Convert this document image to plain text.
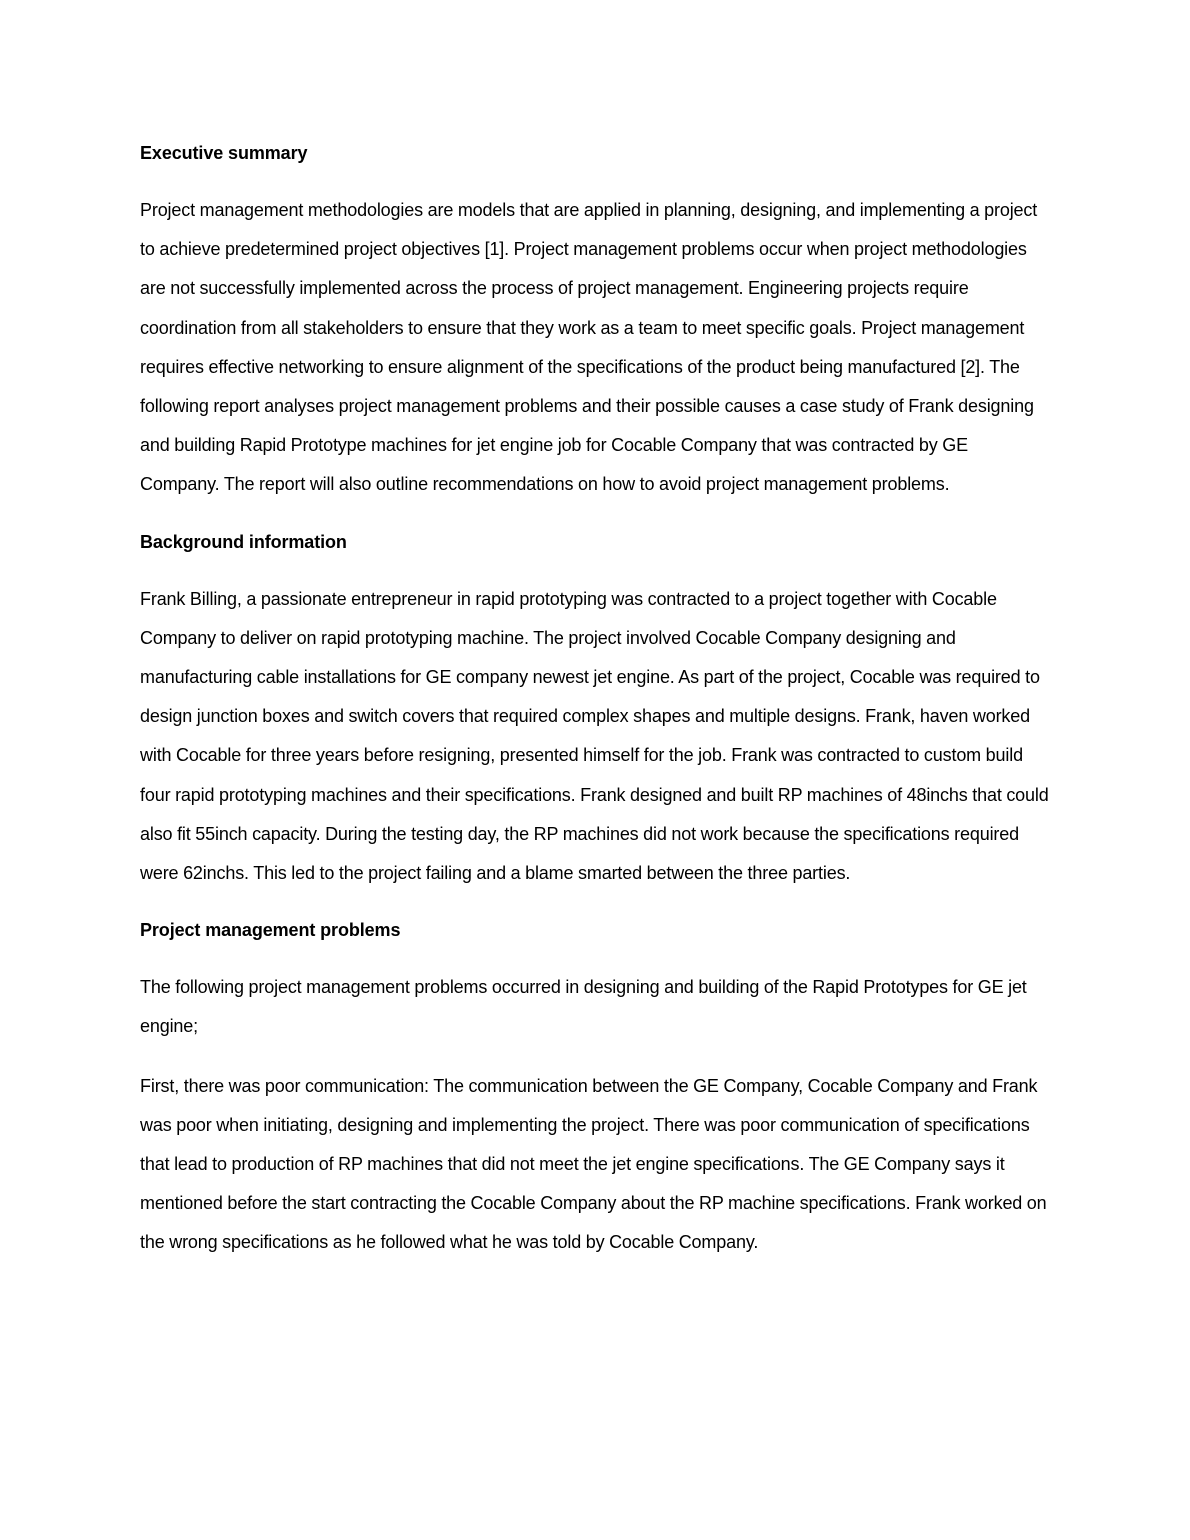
Executive summary

Project management methodologies are models that are applied in planning, designing, and implementing a project to achieve predetermined project objectives [1]. Project management problems occur when project methodologies are not successfully implemented across the process of project management. Engineering projects require coordination from all stakeholders to ensure that they work as a team to meet specific goals. Project management requires effective networking to ensure alignment of the specifications of the product being manufactured [2]. The following report analyses project management problems and their possible causes a case study of Frank designing and building Rapid Prototype machines for jet engine job for Cocable Company that was contracted by GE Company. The report will also outline recommendations on how to avoid project management problems.

Background information

Frank Billing, a passionate entrepreneur in rapid prototyping was contracted to a project together with Cocable Company to deliver on rapid prototyping machine. The project involved Cocable Company designing and manufacturing cable installations for GE company newest jet engine. As part of the project, Cocable was required to design junction boxes and switch covers that required complex shapes and multiple designs. Frank, haven worked with Cocable for three years before resigning, presented himself for the job. Frank was contracted to custom build four rapid prototyping machines and their specifications. Frank designed and built RP machines of 48inchs that could also fit 55inch capacity. During the testing day, the RP machines did not work because the specifications required were 62inchs. This led to the project failing and a blame smarted between the three parties.

Project management problems

The following project management problems occurred in designing and building of the Rapid Prototypes for GE jet engine;

First, there was poor communication: The communication between the GE Company, Cocable Company and Frank was poor when initiating, designing and implementing the project. There was poor communication of specifications that lead to production of RP machines that did not meet the jet engine specifications. The GE Company says it mentioned before the start contracting the Cocable Company about the RP machine specifications. Frank worked on the wrong specifications as he followed what he was told by Cocable Company.
